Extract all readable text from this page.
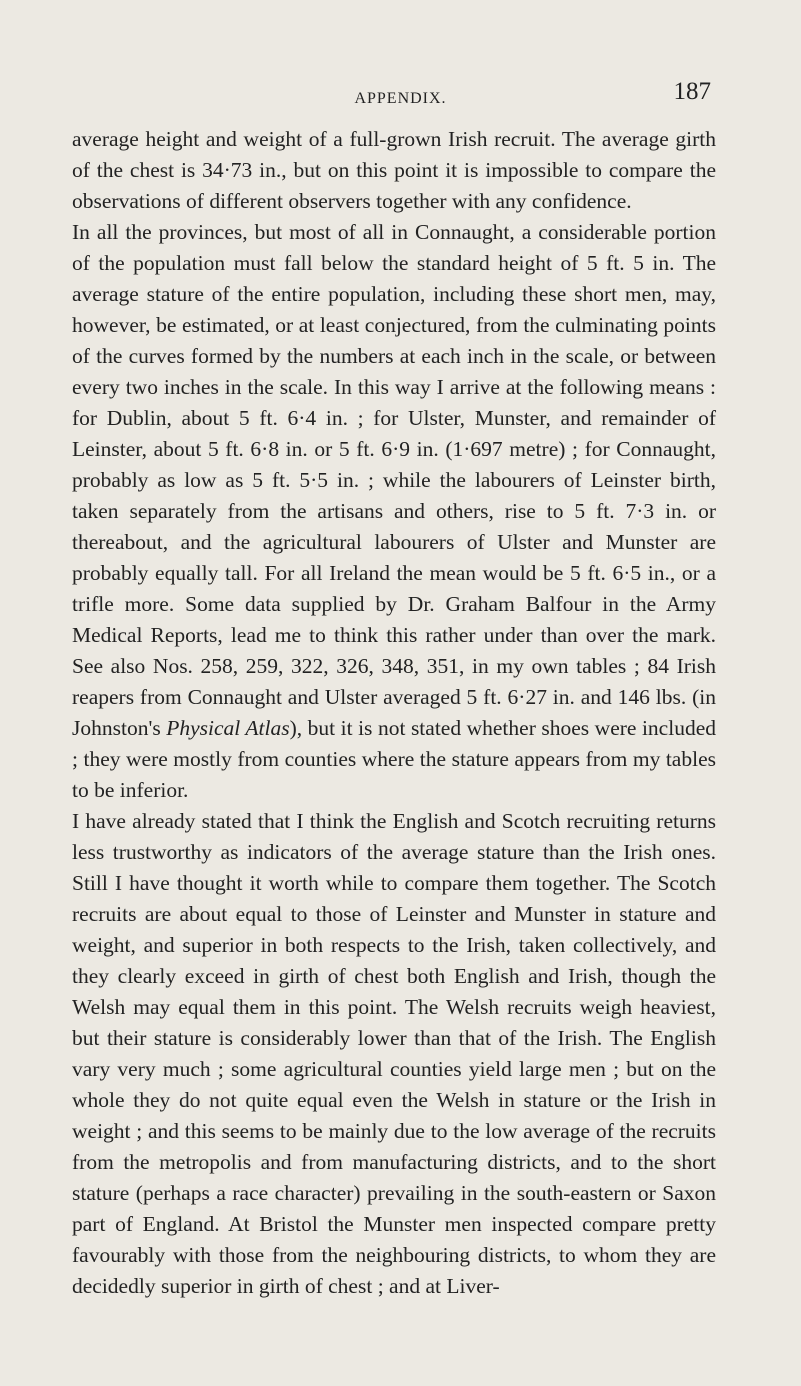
APPENDIX.	187

average height and weight of a full-grown Irish recruit. The average girth of the chest is 34·73 in., but on this point it is impossible to compare the observations of different observers together with any confidence.

In all the provinces, but most of all in Connaught, a considerable portion of the population must fall below the standard height of 5 ft. 5 in. The average stature of the entire population, including these short men, may, however, be estimated, or at least conjectured, from the culminating points of the curves formed by the numbers at each inch in the scale, or between every two inches in the scale. In this way I arrive at the following means : for Dublin, about 5 ft. 6·4 in. ; for Ulster, Munster, and remainder of Leinster, about 5 ft. 6·8 in. or 5 ft. 6·9 in. (1·697 metre) ; for Connaught, probably as low as 5 ft. 5·5 in. ; while the labourers of Leinster birth, taken separately from the artisans and others, rise to 5 ft. 7·3 in. or thereabout, and the agricultural labourers of Ulster and Munster are probably equally tall. For all Ireland the mean would be 5 ft. 6·5 in., or a trifle more. Some data supplied by Dr. Graham Balfour in the Army Medical Reports, lead me to think this rather under than over the mark. See also Nos. 258, 259, 322, 326, 348, 351, in my own tables ; 84 Irish reapers from Connaught and Ulster averaged 5 ft. 6·27 in. and 146 lbs. (in Johnston's Physical Atlas), but it is not stated whether shoes were included ; they were mostly from counties where the stature appears from my tables to be inferior.

I have already stated that I think the English and Scotch recruiting returns less trustworthy as indicators of the average stature than the Irish ones. Still I have thought it worth while to compare them together. The Scotch recruits are about equal to those of Leinster and Munster in stature and weight, and superior in both respects to the Irish, taken collectively, and they clearly exceed in girth of chest both English and Irish, though the Welsh may equal them in this point. The Welsh recruits weigh heaviest, but their stature is considerably lower than that of the Irish. The English vary very much ; some agricultural counties yield large men ; but on the whole they do not quite equal even the Welsh in stature or the Irish in weight ; and this seems to be mainly due to the low average of the recruits from the metropolis and from manufacturing districts, and to the short stature (perhaps a race character) prevailing in the south-eastern or Saxon part of England. At Bristol the Munster men inspected compare pretty favourably with those from the neighbouring districts, to whom they are decidedly superior in girth of chest ; and at Liver-
